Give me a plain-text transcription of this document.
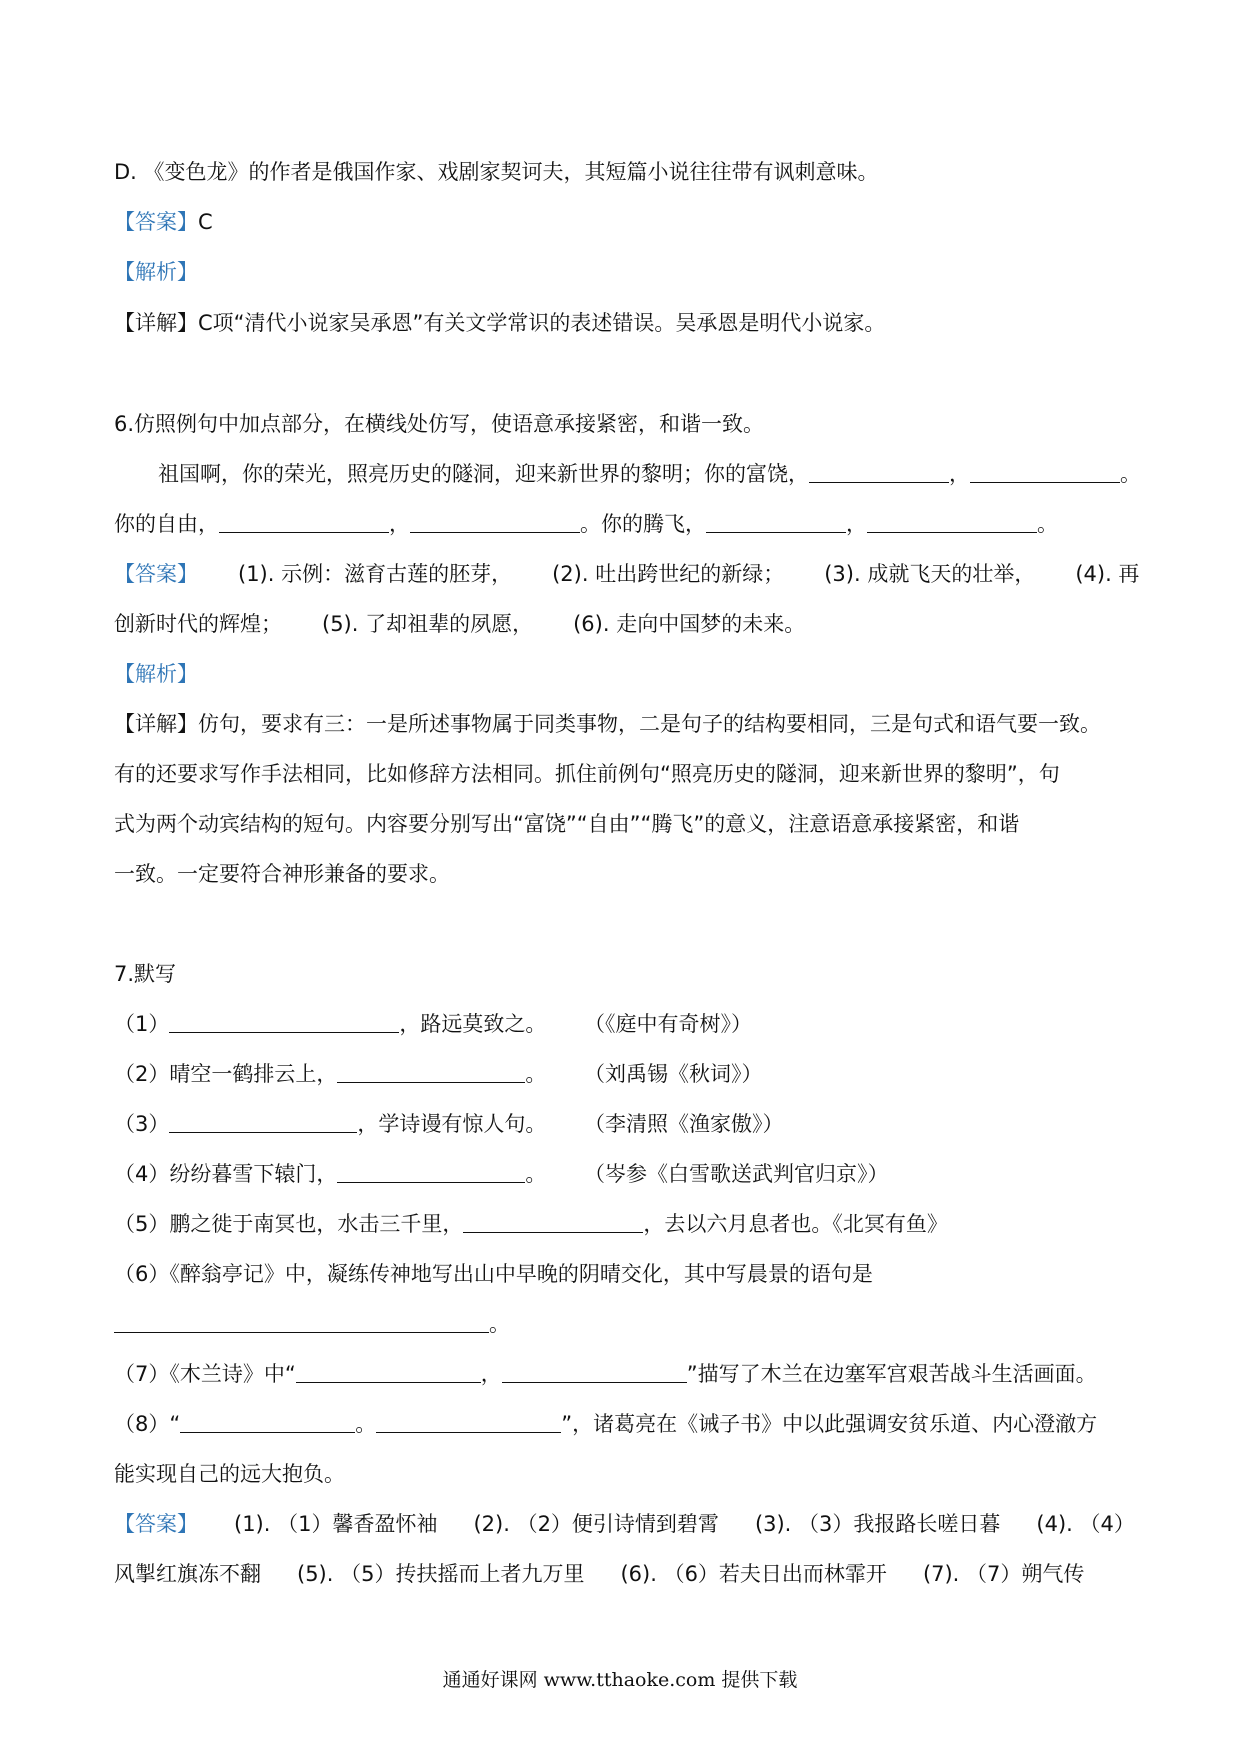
D. 《变色龙》的作者是俄国作家、戏剧家契诃夫，其短篇小说往往带有讽刺意味。
【答案】C
【解析】
【详解】C项“清代小说家吴承恩”有关文学常识的表述错误。吴承恩是明代小说家。
6.仿照例句中加点部分，在横线处仿写，使语意承接紧密，和谐一致。
祖国啊，你的荣光，照亮历史的隧洞，迎来新世界的黎明；你的富饶，	，	。
你的自由，	，	。你的腾飞，	，	。
【答案】 (1). 示例：滋育古莲的胚芽， (2). 吐出跨世纪的新绿； (3). 成就飞天的壮举， (4). 再
创新时代的辉煌； (5). 了却祖辈的夙愿， (6). 走向中国梦的未来。
【解析】
【详解】仿句，要求有三：一是所述事物属于同类事物，二是句子的结构要相同，三是句式和语气要一致。
有的还要求写作手法相同，比如修辞方法相同。抓住前例句“照亮历史的隧洞，迎来新世界的黎明”，句
式为两个动宾结构的短句。内容要分别写出“富饶”“自由”“腾飞”的意义，注意语意承接紧密，和谐
一致。一定要符合神形兼备的要求。
7.默写
（1）	，路远莫致之。 （《庭中有奇树》）
（2）晴空一鹤排云上，	。 （刘禹锡《秋词》）
（3）	，学诗谩有惊人句。 （李清照《渔家傲》）
（4）纷纷暮雪下辕门，	。 （岑参《白雪歌送武判官归京》）
（5）鹏之徙于南冥也，水击三千里，	，去以六月息者也。《北冥有鱼》
（6）《醉翁亭记》中，凝练传神地写出山中早晚的阴晴交化，其中写晨景的语句是
。
（7）《木兰诗》中“	，	”描写了木兰在边塞军宫艰苦战斗生活画面。
（8）“	。	”，诸葛亮在《诫子书》中以此强调安贫乐道、内心澄澈方
能实现自己的远大抱负。
【答案】 (1). （1）馨香盈怀袖 (2). （2）便引诗情到碧霄 (3). （3）我报路长嗟日暮 (4). （4）
风掣红旗冻不翻 (5). （5）抟扶摇而上者九万里 (6). （6）若夫日出而林霏开 (7). （7）朔气传
通通好课网 www.tthaoke.com 提供下载
